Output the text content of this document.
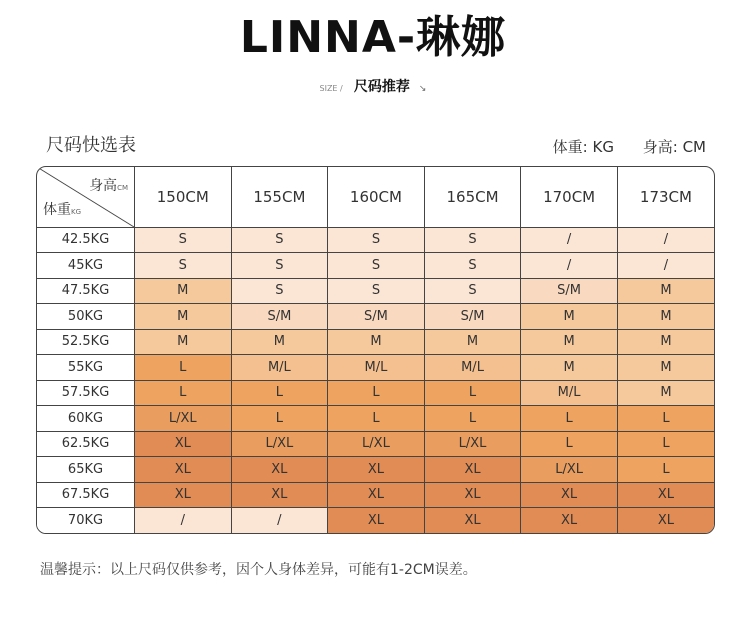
LINNA-琳娜
SIZE / 尺码推荐 ↘
尺码快选表	体重: KG 身高: CM
身高CM
体重KG	150CM	155CM	160CM	165CM	170CM	173CM
42.5KG	S	S	S	S	/	/
45KG	S	S	S	S	/	/
47.5KG	M	S	S	S	S/M	M
50KG	M	S/M	S/M	S/M	M	M
52.5KG	M	M	M	M	M	M
55KG	L	M/L	M/L	M/L	M	M
57.5KG	L	L	L	L	M/L	M
60KG	L/XL	L	L	L	L	L
62.5KG	XL	L/XL	L/XL	L/XL	L	L
65KG	XL	XL	XL	XL	L/XL	L
67.5KG	XL	XL	XL	XL	XL	XL
70KG	/	/	XL	XL	XL	XL
温馨提示：以上尺码仅供参考，因个人身体差异，可能有1-2CM误差。
